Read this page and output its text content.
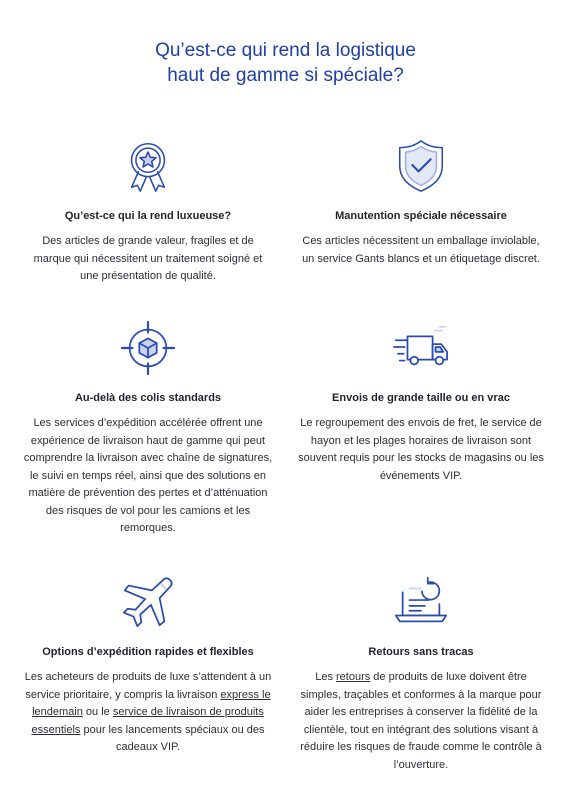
Qu’est-ce qui rend la logistique
haut de gamme si spéciale?
Qu’est-ce qui la rend luxueuse?

Des articles de grande valeur, fragiles et de marque qui nécessitent un traitement soigné et une présentation de qualité.

Manutention spéciale nécessaire

Ces articles nécessitent un emballage inviolable, un service Gants blancs et un étiquetage discret.

Au-delà des colis standards

Les services d’expédition accélérée offrent une expérience de livraison haut de gamme qui peut comprendre la livraison avec chaîne de signatures, le suivi en temps réel, ainsi que des solutions en matière de prévention des pertes et d’atténuation des risques de vol pour les camions et les remorques.

Envois de grande taille ou en vrac

Le regroupement des envois de fret, le service de hayon et les plages horaires de livraison sont souvent requis pour les stocks de magasins ou les événements VIP.

Options d’expédition rapides et flexibles

Les acheteurs de produits de luxe s’attendent à un service prioritaire, y compris la livraison express le lendemain ou le service de livraison de produits essentiels pour les lancements spéciaux ou des cadeaux VIP.

Retours sans tracas

Les retours de produits de luxe doivent être simples, traçables et conformes à la marque pour aider les entreprises à conserver la fidélité de la clientèle, tout en intégrant des solutions visant à réduire les risques de fraude comme le contrôle à l’ouverture.
